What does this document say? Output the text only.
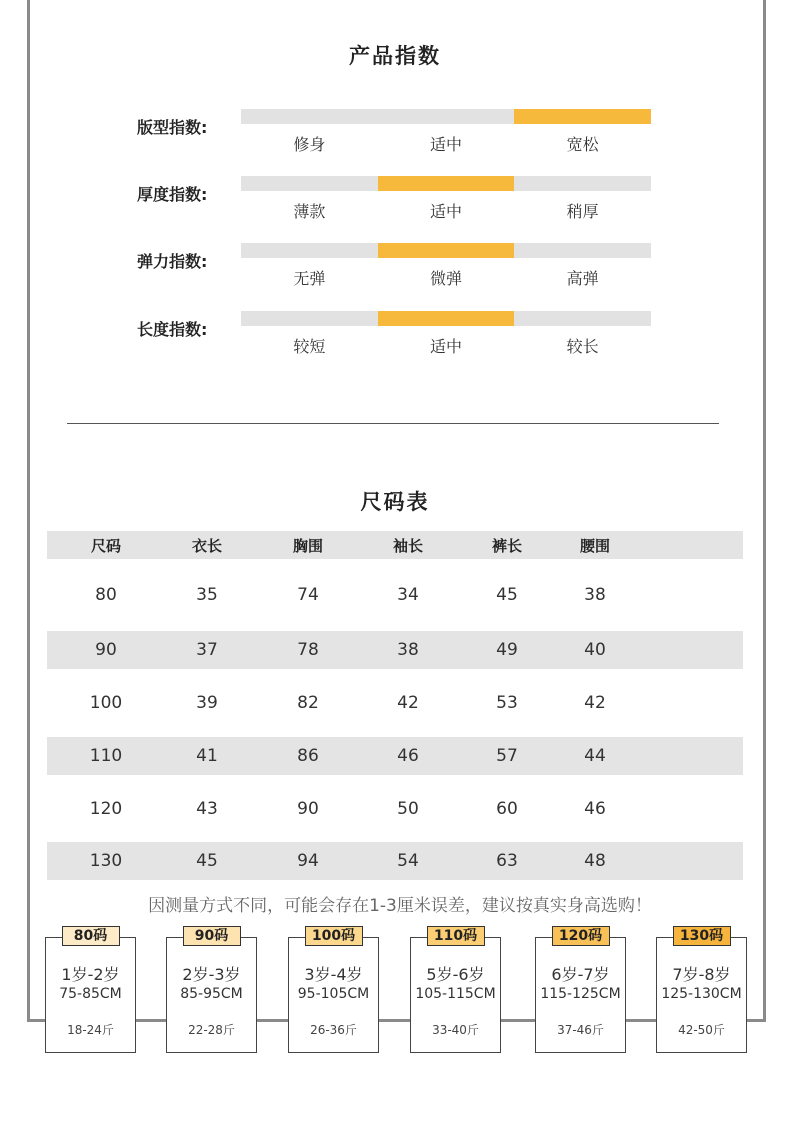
产品指数
版型指数:
修身	适中	宽松
厚度指数:
薄款	适中	稍厚
弹力指数:
无弹	微弹	高弹
长度指数:
较短	适中	较长
尺码表
尺码	衣长	胸围	袖长	裤长	腰围
80	35	74	34	45	38
90	37	78	38	49	40
100	39	82	42	53	42
110	41	86	46	57	44
120	43	90	50	60	46
130	45	94	54	63	48
因测量方式不同，可能会存在1-3厘米误差，建议按真实身高选购！
80码
1岁-2岁
75-85CM
18-24斤
90码
2岁-3岁
85-95CM
22-28斤
100码
3岁-4岁
95-105CM
26-36斤
110码
5岁-6岁
105-115CM
33-40斤
120码
6岁-7岁
115-125CM
37-46斤
130码
7岁-8岁
125-130CM
42-50斤
